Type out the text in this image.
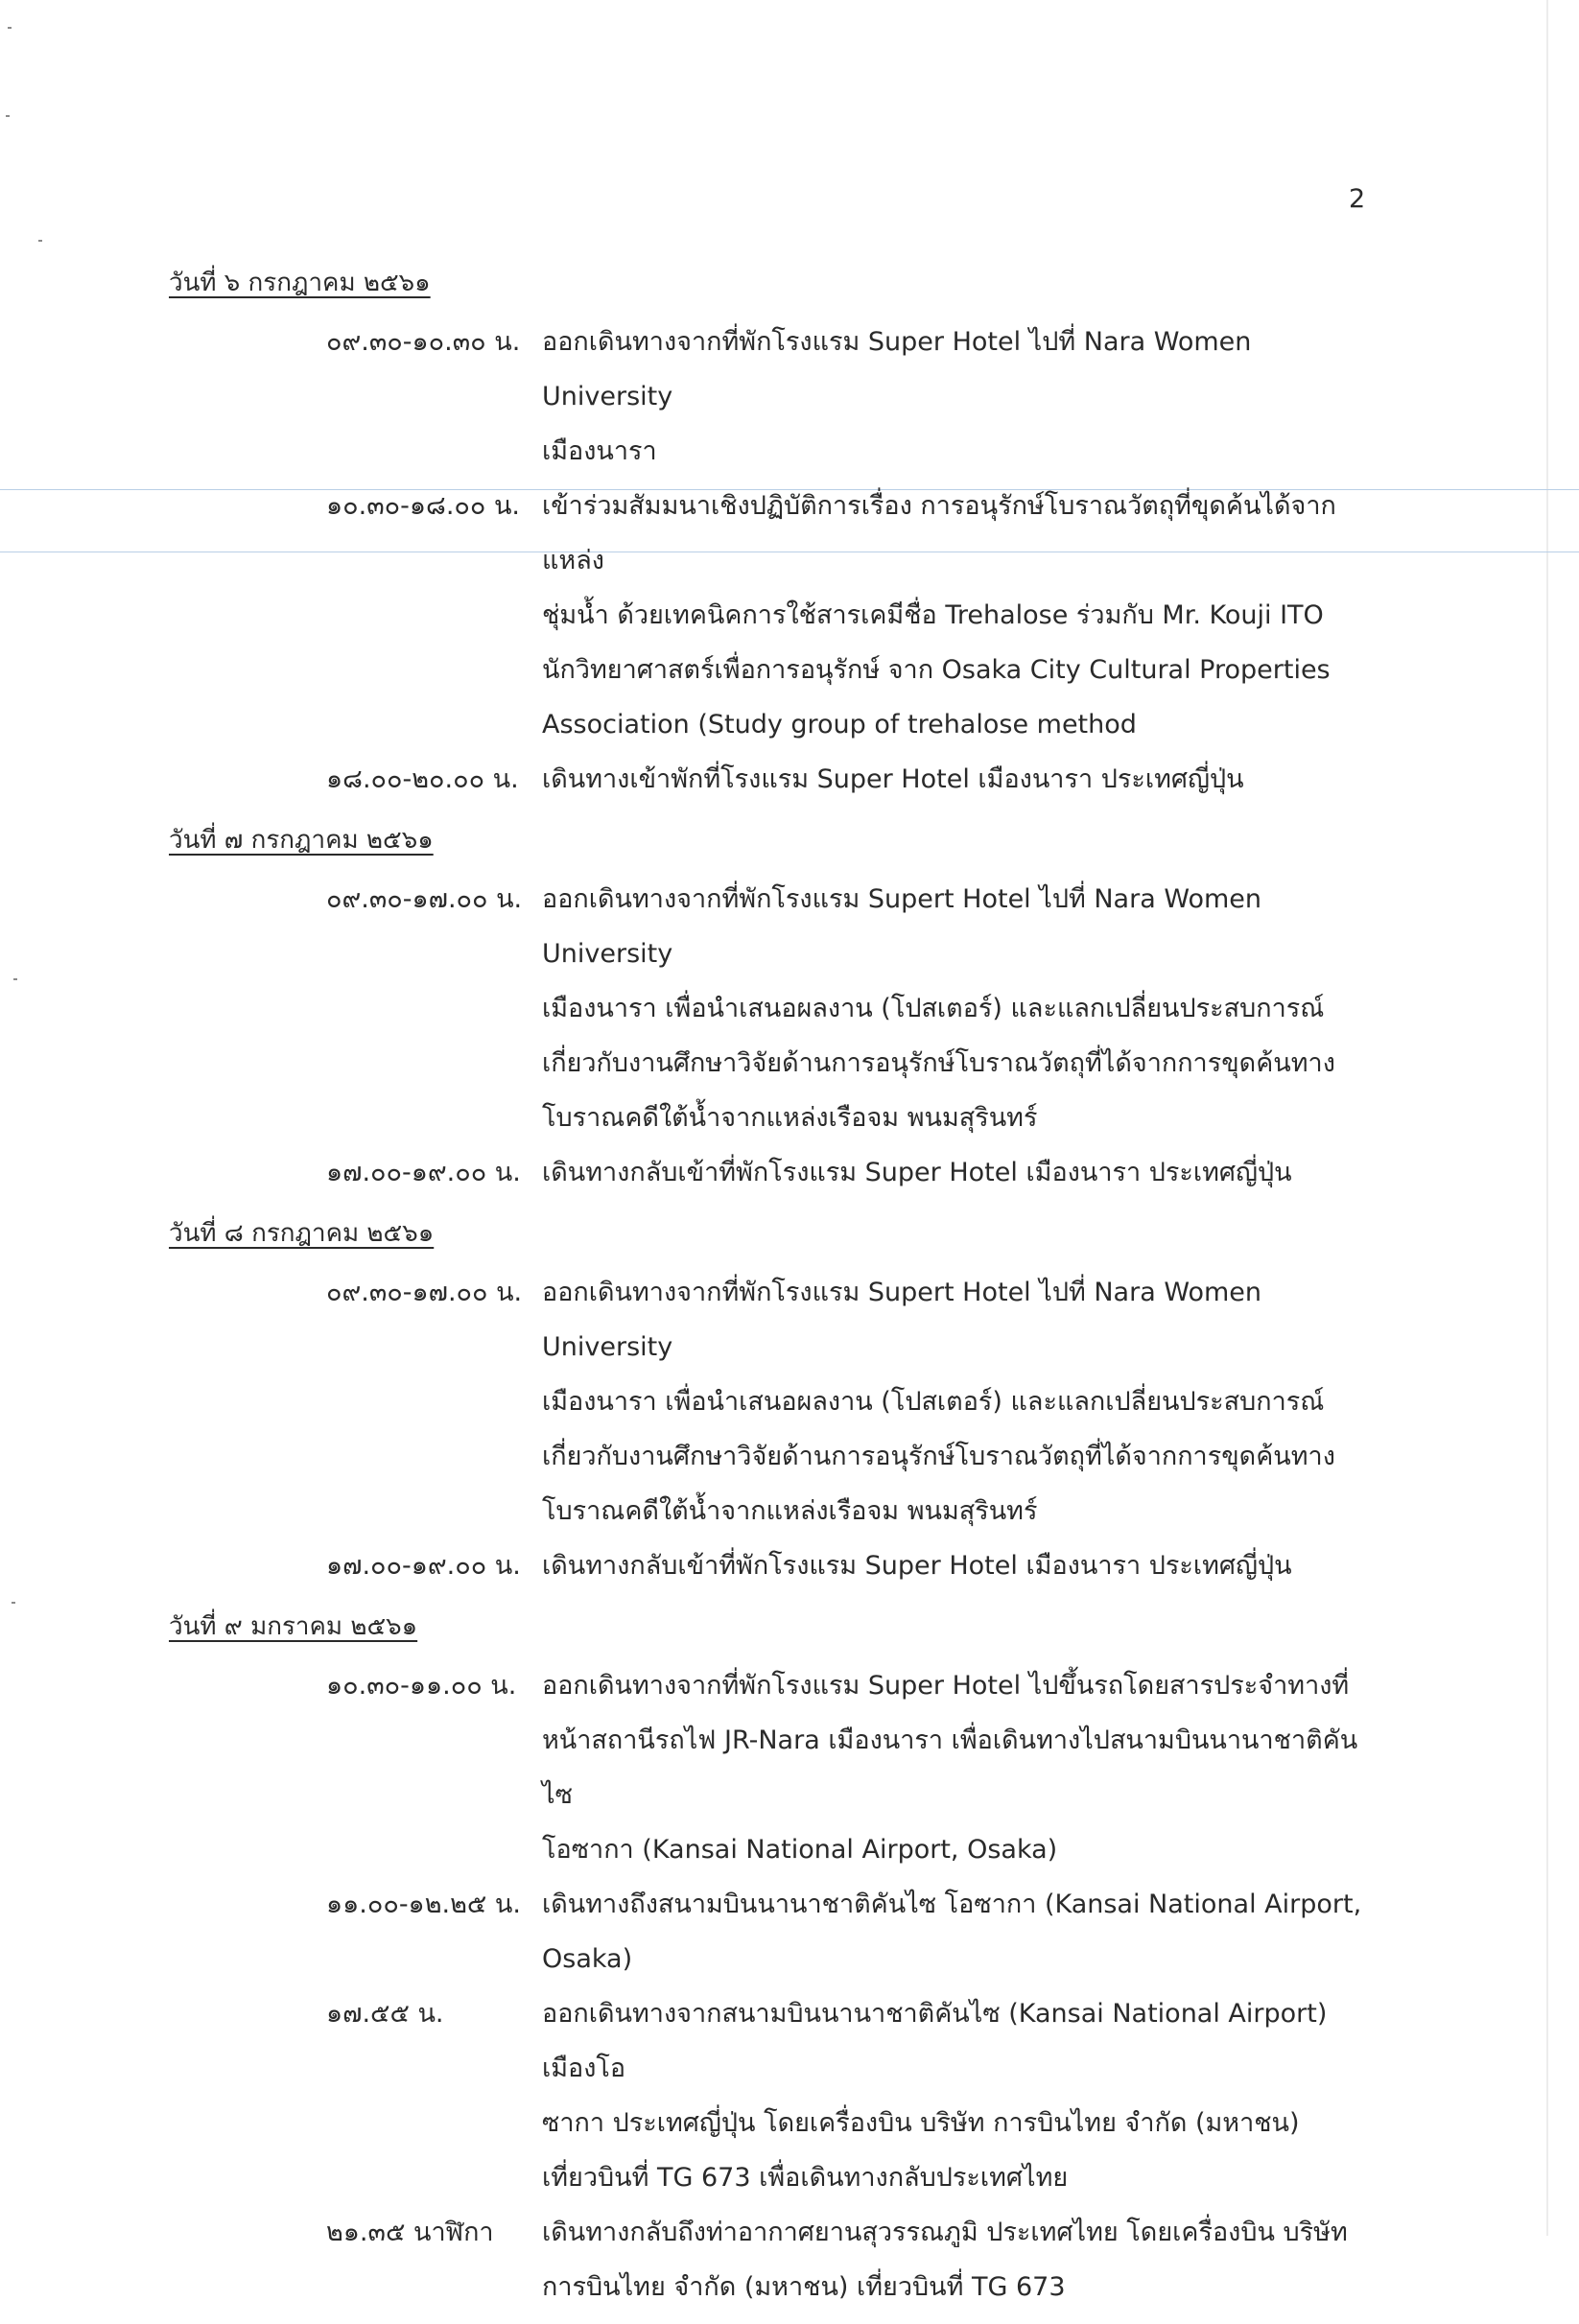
2
วันที่ ๖ กรกฎาคม ๒๕๖๑
๐๙.๓๐-๑๐.๓๐ น. ออกเดินทางจากที่พักโรงแรม Super Hotel ไปที่ Nara Women University
เมืองนารา
๑๐.๓๐-๑๘.๐๐ น. เข้าร่วมสัมมนาเชิงปฏิบัติการเรื่อง การอนุรักษ์โบราณวัตถุที่ขุดค้นได้จากแหล่ง
ชุ่มน้ำ ด้วยเทคนิคการใช้สารเคมีชื่อ Trehalose ร่วมกับ Mr. Kouji ITO
นักวิทยาศาสตร์เพื่อการอนุรักษ์ จาก Osaka City Cultural Properties
Association (Study group of trehalose method
๑๘.๐๐-๒๐.๐๐ น. เดินทางเข้าพักที่โรงแรม Super Hotel เมืองนารา ประเทศญี่ปุ่น
วันที่ ๗ กรกฎาคม ๒๕๖๑
๐๙.๓๐-๑๗.๐๐ น. ออกเดินทางจากที่พักโรงแรม Supert Hotel ไปที่ Nara Women University
เมืองนารา เพื่อนำเสนอผลงาน (โปสเตอร์) และแลกเปลี่ยนประสบการณ์
เกี่ยวกับงานศึกษาวิจัยด้านการอนุรักษ์โบราณวัตถุที่ได้จากการขุดค้นทาง
โบราณคดีใต้น้ำจากแหล่งเรือจม พนมสุรินทร์
๑๗.๐๐-๑๙.๐๐ น. เดินทางกลับเข้าที่พักโรงแรม Super Hotel เมืองนารา ประเทศญี่ปุ่น
วันที่ ๘ กรกฎาคม ๒๕๖๑
๐๙.๓๐-๑๗.๐๐ น. ออกเดินทางจากที่พักโรงแรม Supert Hotel ไปที่ Nara Women University
เมืองนารา เพื่อนำเสนอผลงาน (โปสเตอร์) และแลกเปลี่ยนประสบการณ์
เกี่ยวกับงานศึกษาวิจัยด้านการอนุรักษ์โบราณวัตถุที่ได้จากการขุดค้นทาง
โบราณคดีใต้น้ำจากแหล่งเรือจม พนมสุรินทร์
๑๗.๐๐-๑๙.๐๐ น. เดินทางกลับเข้าที่พักโรงแรม Super Hotel เมืองนารา ประเทศญี่ปุ่น
วันที่ ๙ มกราคม ๒๕๖๑
๑๐.๓๐-๑๑.๐๐ น. ออกเดินทางจากที่พักโรงแรม Super Hotel ไปขึ้นรถโดยสารประจำทางที่
หน้าสถานีรถไฟ JR-Nara เมืองนารา เพื่อเดินทางไปสนามบินนานาชาติคันไซ
โอซากา (Kansai National Airport, Osaka)
๑๑.๐๐-๑๒.๒๕ น. เดินทางถึงสนามบินนานาชาติคันไซ โอซากา (Kansai National Airport,
Osaka)
๑๗.๕๕ น.	ออกเดินทางจากสนามบินนานาชาติคันไซ (Kansai National Airport) เมืองโอ
ซากา ประเทศญี่ปุ่น โดยเครื่องบิน บริษัท การบินไทย จำกัด (มหาชน)
เที่ยวบินที่ TG 673 เพื่อเดินทางกลับประเทศไทย
๒๑.๓๕ นาฬิกา	เดินทางกลับถึงท่าอากาศยานสุวรรณภูมิ ประเทศไทย โดยเครื่องบิน บริษัท
การบินไทย จำกัด (มหาชน) เที่ยวบินที่ TG 673
